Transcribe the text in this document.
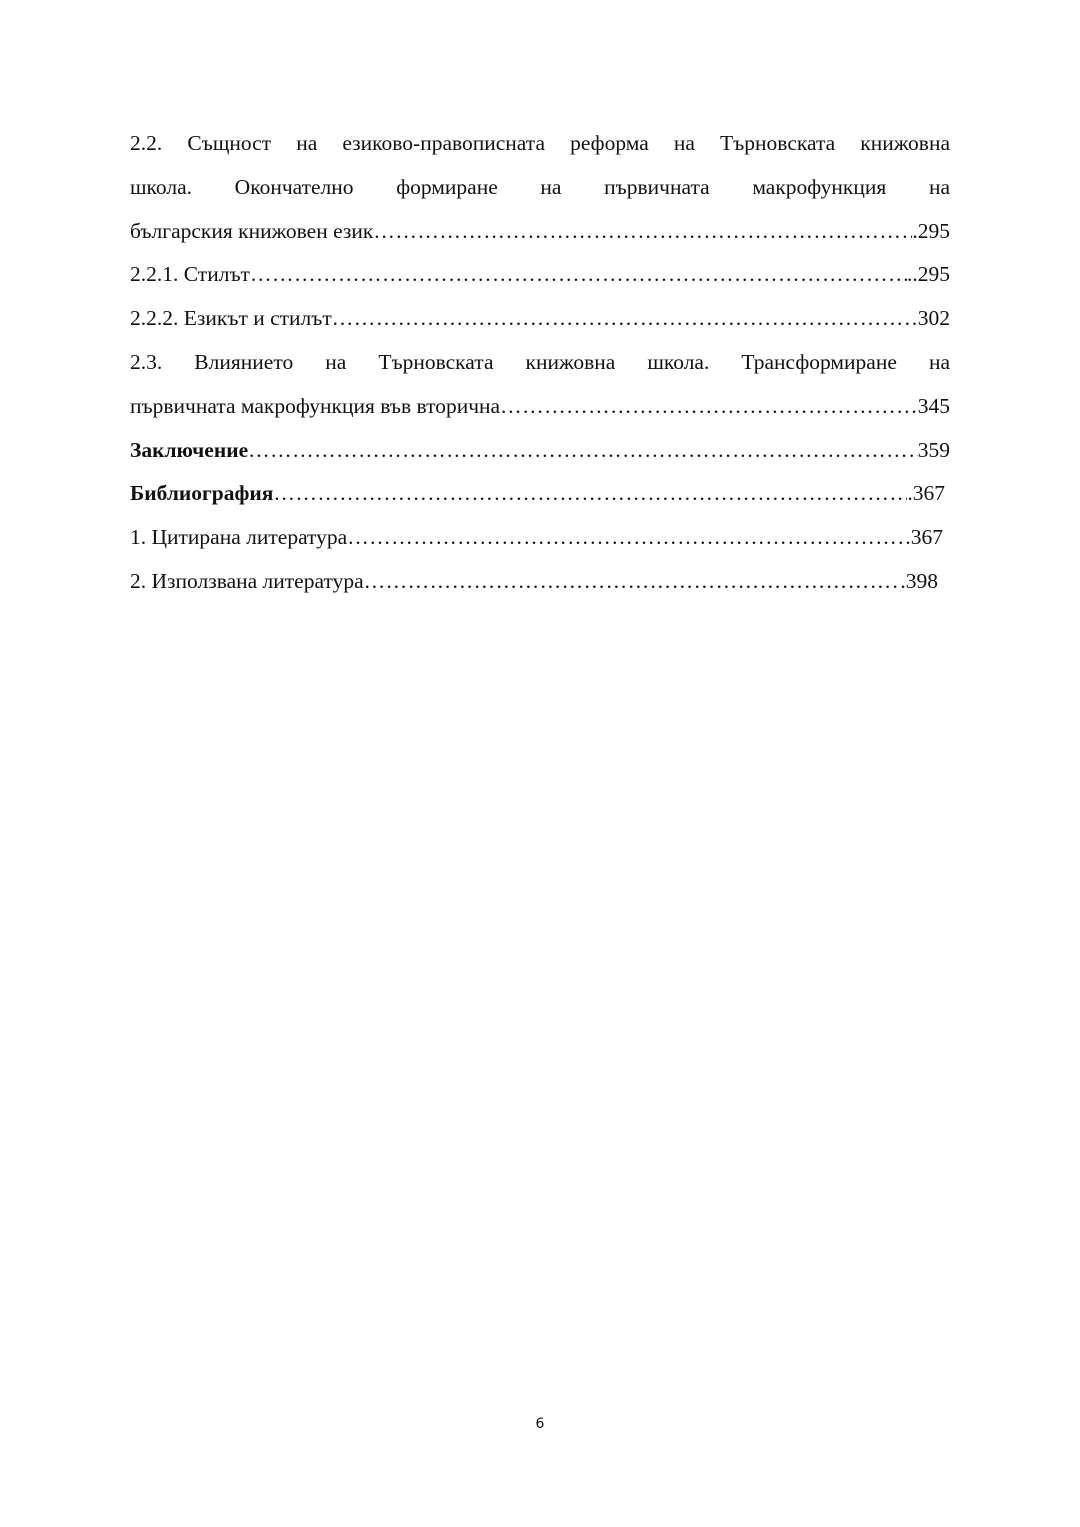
2.2. Същност на езиково-правописната реформа на Търновската книжовна
школа. Окончателно формиране на първичната макрофункция на
българския книжовен език ……………………………………………………………………………………………………………………………………………	.295
2.2.1. Стилът ……………………………………………………………………………………………………………………………………………	..295
2.2.2. Езикът и стилът ……………………………………………………………………………………………………………………………………………	302
2.3. Влиянието на Търновската книжовна школа. Трансформиране на
първичната макрофункция във вторична ……………………………………………………………………………………………………………………………………………	345
Заключение ……………………………………………………………………………………………………………………………………………	359
Библиография ……………………………………………………………………………………………………………………………………………	.367
1. Цитирана литература ……………………………………………………………………………………………………………………………………………	367
2. Използвана литература ……………………………………………………………………………………………………………………………………………	.398
6
